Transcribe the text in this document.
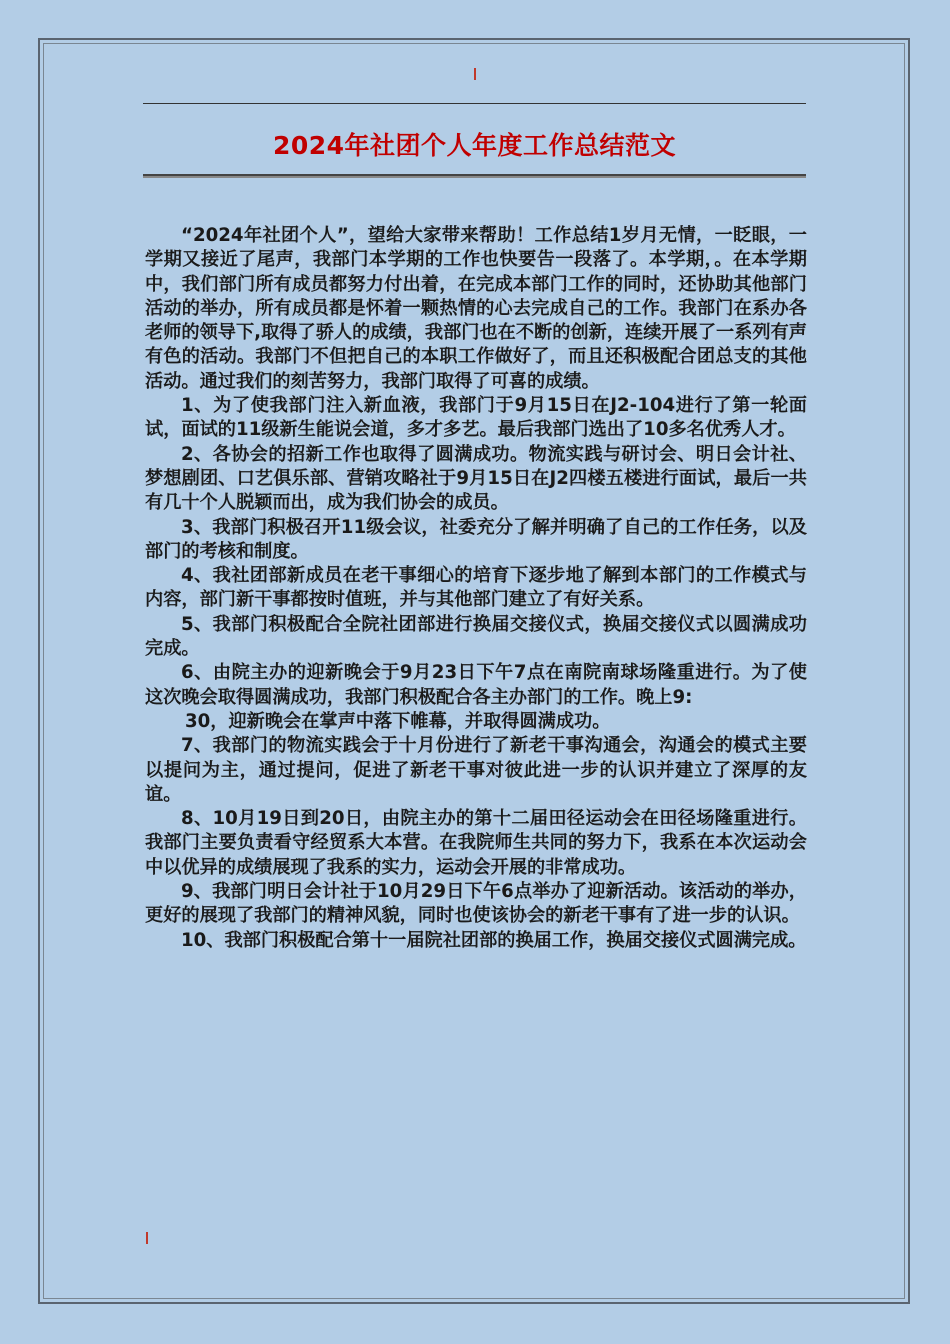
2024年社团个人年度工作总结范文

“2024年社团个人”，望给大家带来帮助！工作总结1岁月无情，一眨眼，一学期又接近了尾声，我部门本学期的工作也快要告一段落了。本学期，。在本学期中，我们部门所有成员都努力付出着，在完成本部门工作的同时，还协助其他部门活动的举办，所有成员都是怀着一颗热情的心去完成自己的工作。我部门在系办各老师的领导下,取得了骄人的成绩，我部门也在不断的创新，连续开展了一系列有声有色的活动。我部门不但把自己的本职工作做好了，而且还积极配合团总支的其他活动。通过我们的刻苦努力，我部门取得了可喜的成绩。

1、为了使我部门注入新血液，我部门于9月15日在J2-104进行了第一轮面试，面试的11级新生能说会道，多才多艺。最后我部门选出了10多名优秀人才。

2、各协会的招新工作也取得了圆满成功。物流实践与研讨会、明日会计社、梦想剧团、口艺俱乐部、营销攻略社于9月15日在J2四楼五楼进行面试，最后一共有几十个人脱颖而出，成为我们协会的成员。

3、我部门积极召开11级会议，社委充分了解并明确了自己的工作任务，以及部门的考核和制度。

4、我社团部新成员在老干事细心的培育下逐步地了解到本部门的工作模式与内容，部门新干事都按时值班，并与其他部门建立了有好关系。

5、我部门积极配合全院社团部进行换届交接仪式，换届交接仪式以圆满成功完成。

6、由院主办的迎新晚会于9月23日下午7点在南院南球场隆重进行。为了使这次晚会取得圆满成功，我部门积极配合各主办部门的工作。晚上9:

30，迎新晚会在掌声中落下帷幕，并取得圆满成功。

7、我部门的物流实践会于十月份进行了新老干事沟通会，沟通会的模式主要以提问为主，通过提问，促进了新老干事对彼此进一步的认识并建立了深厚的友谊。

8、10月19日到20日，由院主办的第十二届田径运动会在田径场隆重进行。我部门主要负责看守经贸系大本营。在我院师生共同的努力下，我系在本次运动会中以优异的成绩展现了我系的实力，运动会开展的非常成功。

9、我部门明日会计社于10月29日下午6点举办了迎新活动。该活动的举办，更好的展现了我部门的精神风貌，同时也使该协会的新老干事有了进一步的认识。

10、我部门积极配合第十一届院社团部的换届工作，换届交接仪式圆满完成。
